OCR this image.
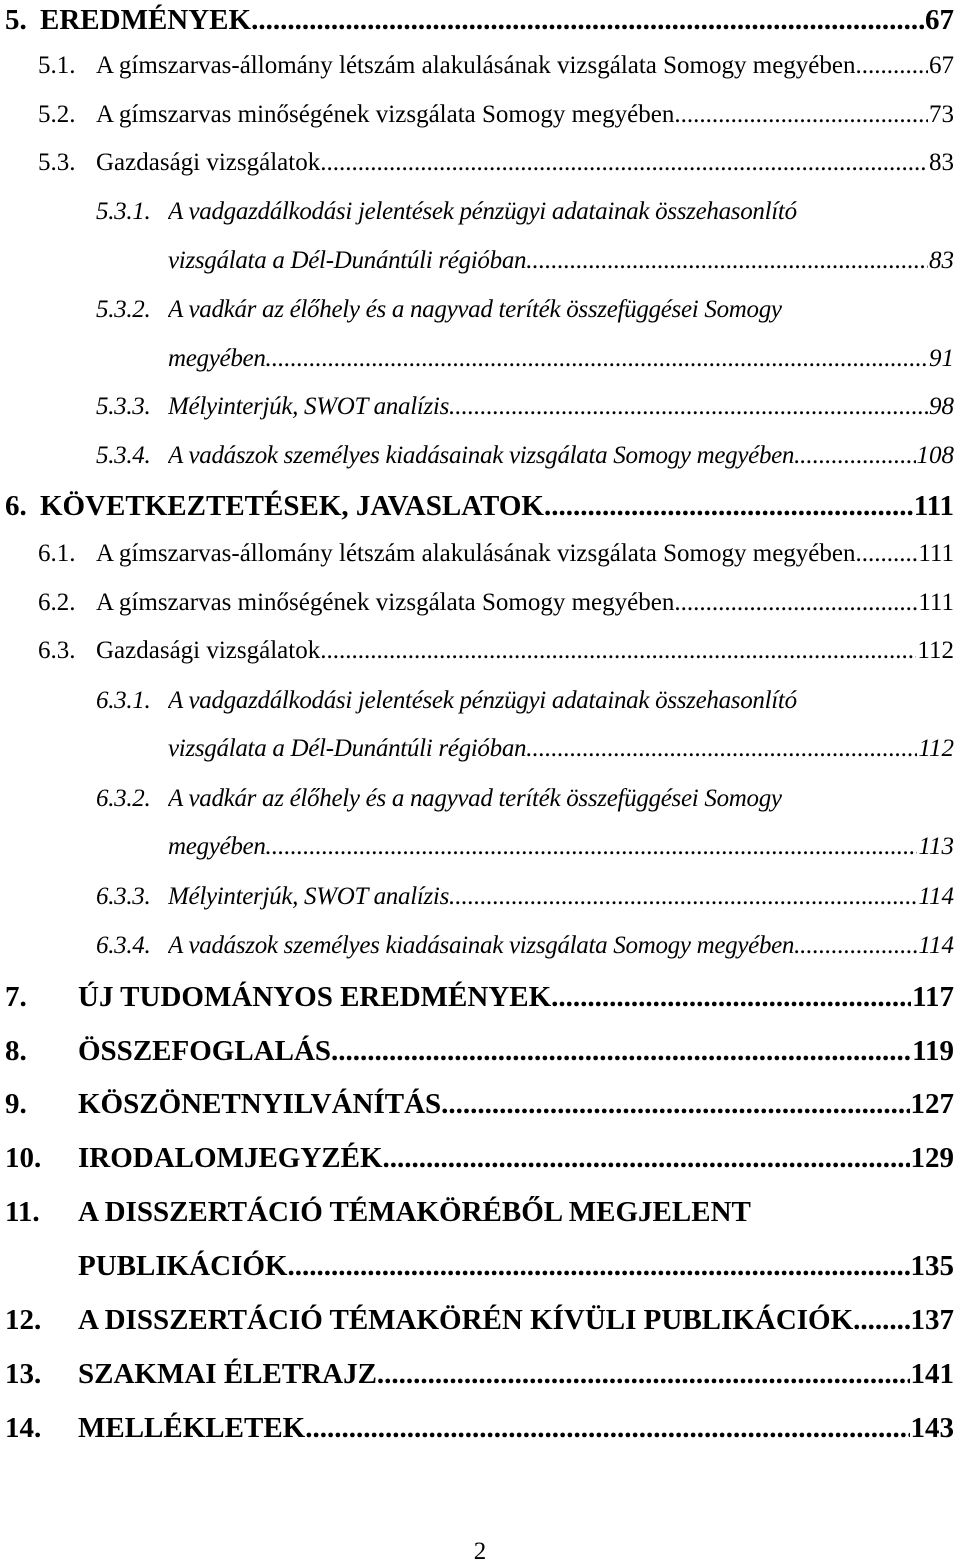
5. EREDMÉNYEK .....	67
5.1. A gímszarvas-állomány létszám alakulásának vizsgálata Somogy megyében.. ..... 67
5.2. A gímszarvas minőségének vizsgálata Somogy megyében .....	73
5.3. Gazdasági vizsgálatok .....	83
5.3.1. A vadgazdálkodási jelentések pénzügyi adatainak összehasonlító
vizsgálata a Dél-Dunántúli régióban .....	83
5.3.2. A vadkár az élőhely és a nagyvad teríték összefüggései Somogy
megyében .....	91
5.3.3. Mélyinterjúk, SWOT analízis .....	98
5.3.4. A vadászok személyes kiadásainak vizsgálata Somogy megyében. .....	108
6. KÖVETKEZTETÉSEK, JAVASLATOK .....	111
6.1. A gímszarvas-állomány létszám alakulásának vizsgálata Somogy megyében .....	111
6.2. A gímszarvas minőségének vizsgálata Somogy megyében .....	111
6.3. Gazdasági vizsgálatok .....	112
6.3.1. A vadgazdálkodási jelentések pénzügyi adatainak összehasonlító
vizsgálata a Dél-Dunántúli régióban .....	112
6.3.2. A vadkár az élőhely és a nagyvad teríték összefüggései Somogy
megyében .....	113
6.3.3. Mélyinterjúk, SWOT analízis .....	114
6.3.4. A vadászok személyes kiadásainak vizsgálata Somogy megyében. .....	114
7. ÚJ TUDOMÁNYOS EREDMÉNYEK .....	117
8. ÖSSZEFOGLALÁS .....	119
9. KÖSZÖNETNYILVÁNÍTÁS .....	127
10. IRODALOMJEGYZÉK .....	129
11. A DISSZERTÁCIÓ TÉMAKÖRÉBŐL MEGJELENT
PUBLIKÁCIÓK .....	135
12. A DISSZERTÁCIÓ TÉMAKÖRÉN KÍVÜLI PUBLIKÁCIÓK. ..... 137
13. SZAKMAI ÉLETRAJZ .....	141
14. MELLÉKLETEK .....	143
2
